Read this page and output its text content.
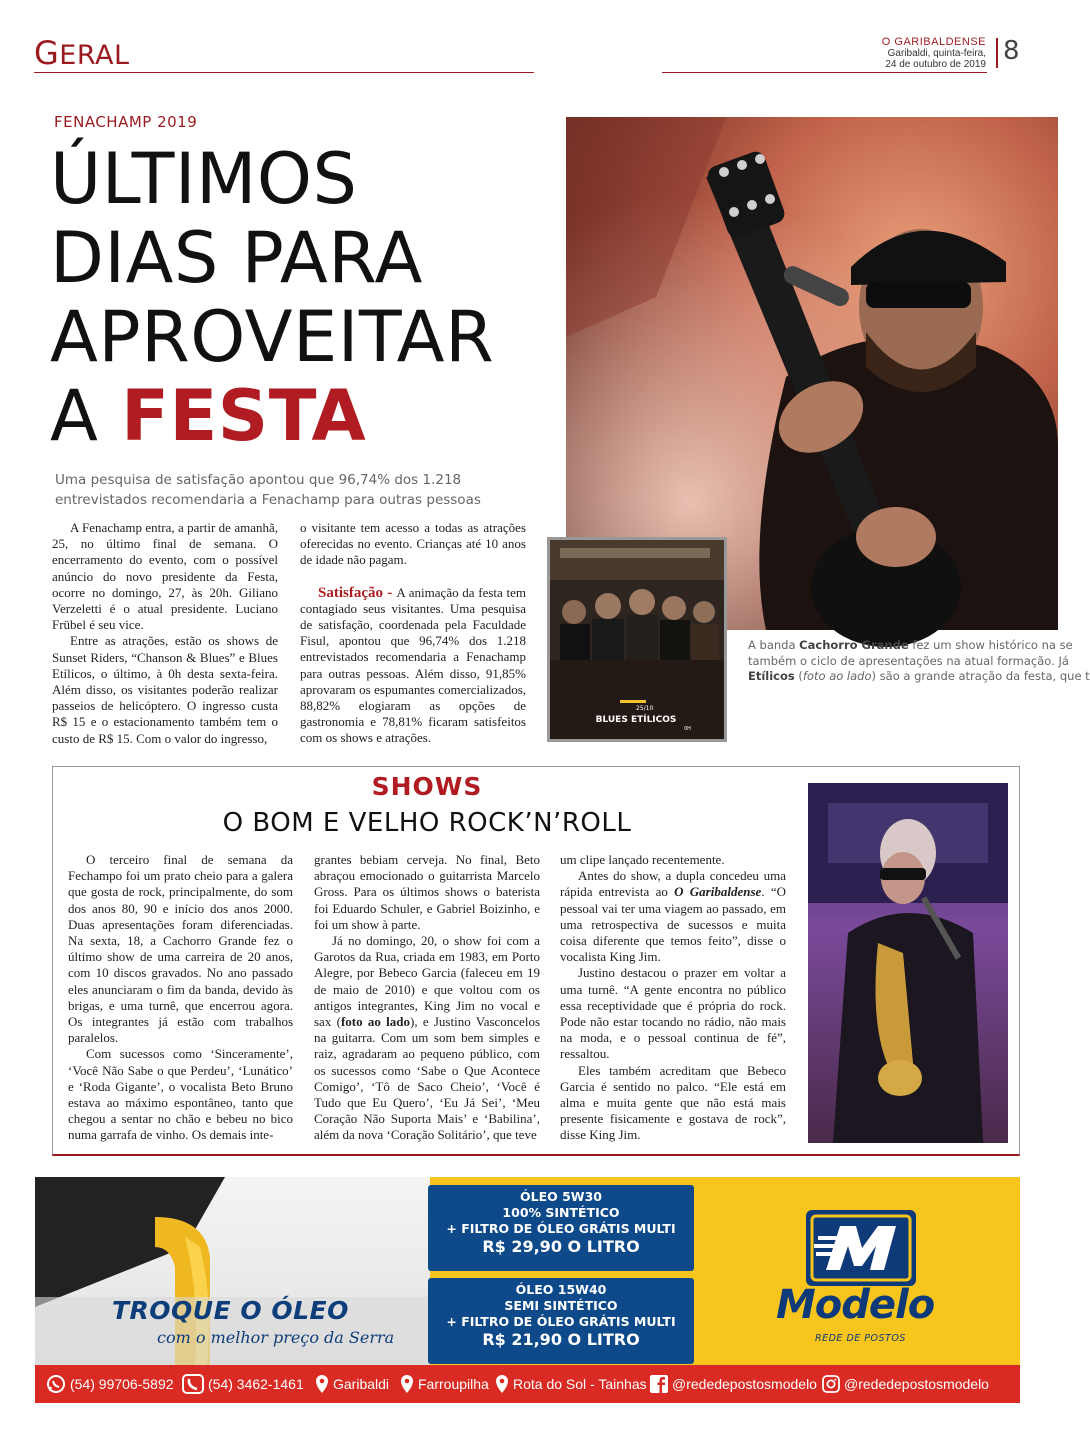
GERAL	O GARIBALDENSE
Garibaldi, quinta-feira,
24 de outubro de 2019 8
FENACHAMP 2019
ÚLTIMOS
DIAS PARA
APROVEITAR
A FESTA
Uma pesquisa de satisfação apontou que 96,74% dos 1.218 entrevistados recomendaria a Fenachamp para outras pessoas

A Fenachamp entra, a partir de amanhã, 25, no último final de semana. O encerramento do evento, com o possível anúncio do novo presidente da Festa, ocorre no domingo, 27, às 20h. Giliano Verzeletti é o atual presidente. Luciano Frübel é seu vice.

Entre as atrações, estão os shows de Sunset Riders, “Chanson & Blues” e Blues Etílicos, o último, à 0h desta sexta-feira. Além disso, os visitantes poderão realizar passeios de helicóptero. O ingresso custa R$ 15 e o estacionamento também tem o custo de R$ 15. Com o valor do ingresso,

o visitante tem acesso a todas as atrações oferecidas no evento. Crianças até 10 anos de idade não pagam.

Satisfação - A animação da festa tem contagiado seus visitantes. Uma pesquisa de satisfação, coordenada pela Faculdade Fisul, apontou que 96,74% dos 1.218 entrevistados recomendaria a Fenachamp para outras pessoas. Além disso, 91,85% aprovaram os espumantes comercializados, 88,82% elogiaram as opções de gastronomia e 78,81% ficaram satisfeitos com os shows e atrações.

A banda Cachorro Grande fez um show histórico na se
também o ciclo de apresentações na atual formação. Já
Etílicos (foto ao lado) são a grande atração da festa, que t
25/10
BLUES ETÍLICOS
0H
SHOWS
O BOM E VELHO ROCK’N’ROLL

O terceiro final de semana da Fechampo foi um prato cheio para a galera que gosta de rock, principalmente, do som dos anos 80, 90 e início dos anos 2000. Duas apresentações foram diferenciadas. Na sexta, 18, a Cachorro Grande fez o último show de uma carreira de 20 anos, com 10 discos gravados. No ano passado eles anunciaram o fim da banda, devido às brigas, e uma turnê, que encerrou agora. Os integrantes já estão com trabalhos paralelos.

Com sucessos como ‘Sinceramente’, ‘Você Não Sabe o que Perdeu’, ‘Lunático’ e ‘Roda Gigante’, o vocalista Beto Bruno estava ao máximo espontâneo, tanto que chegou a sentar no chão e bebeu no bico numa garrafa de vinho. Os demais inte-

grantes bebiam cerveja. No final, Beto abraçou emocionado o guitarrista Marcelo Gross. Para os últimos shows o baterista foi Eduardo Schuler, e Gabriel Boizinho, e foi um show à parte.

Já no domingo, 20, o show foi com a Garotos da Rua, criada em 1983, em Porto Alegre, por Bebeco Garcia (faleceu em 19 de maio de 2010) e que voltou com os antigos integrantes, King Jim no vocal e sax (foto ao lado), e Justino Vasconcelos na guitarra. Com um som bem simples e raiz, agradaram ao pequeno público, com os sucessos como ‘Sabe o Que Acontece Comigo’, ‘Tô de Saco Cheio’, ‘Você é Tudo que Eu Quero’, ‘Eu Já Sei’, ‘Meu Coração Não Suporta Mais’ e ‘Babilina’, além da nova ‘Coração Solitário’, que teve

um clipe lançado recentemente.

Antes do show, a dupla concedeu uma rápida entrevista ao O Garibaldense. “O pessoal vai ter uma viagem ao passado, em uma retrospectiva de sucessos e muita coisa diferente que temos feito”, disse o vocalista King Jim.

Justino destacou o prazer em voltar a uma turnê. “A gente encontra no público essa receptividade que é própria do rock. Pode não estar tocando no rádio, não mais na moda, e o pessoal continua de fé”, ressaltou.

Eles também acreditam que Bebeco Garcia é sentido no palco. “Ele está em alma e muita gente que não está mais presente fisicamente e gostava de rock”, disse King Jim.

ÓLEO 5W30
100% SINTÉTICO
+ FILTRO DE ÓLEO GRÁTIS MULTI
R$ 29,90 O LITRO
ÓLEO 15W40
SEMI SINTÉTICO
+ FILTRO DE ÓLEO GRÁTIS MULTI
R$ 21,90 O LITRO
TROQUE O ÓLEO
com o melhor preço da Serra
Modelo
REDE DE POSTOS
(54) 99706-5892 (54) 3462-1461 Garibaldi Farroupilha Rota do Sol - Tainhas @rededepostosmodelo @rededepostosmodelo
